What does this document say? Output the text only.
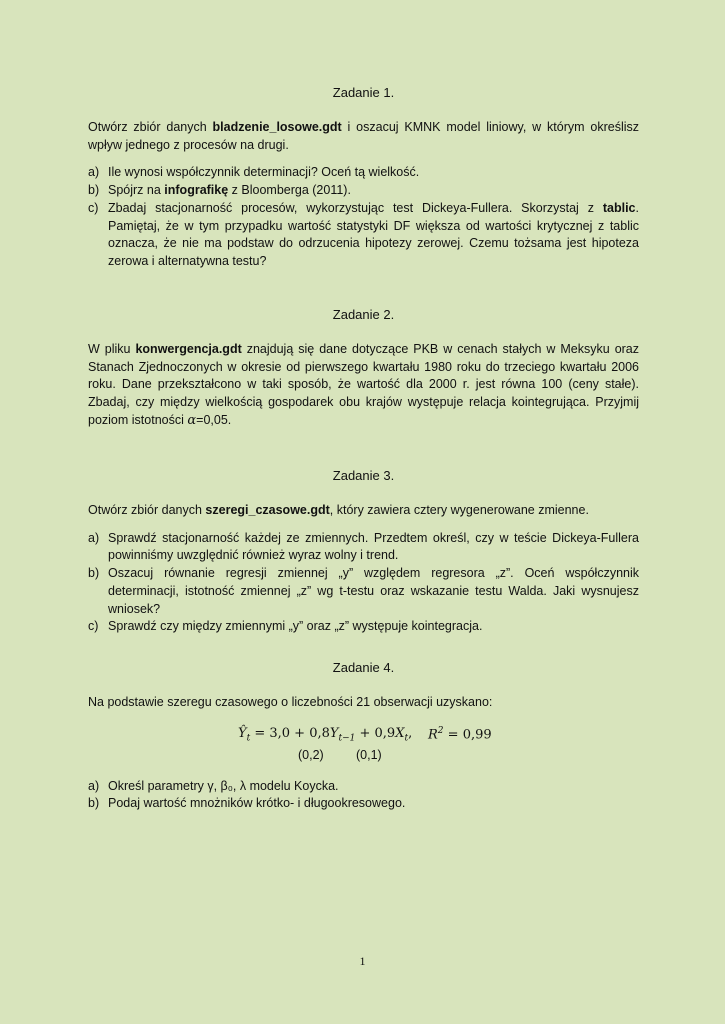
Zadanie 1.

Otwórz zbiór danych bladzenie_losowe.gdt i oszacuj KMNK model liniowy, w którym określisz wpływ jednego z procesów na drugi.

a) Ile wynosi współczynnik determinacji? Oceń tą wielkość.
b) Spójrz na infografikę z Bloomberga (2011).
c) Zbadaj stacjonarność procesów, wykorzystując test Dickeya-Fullera. Skorzystaj z tablic. Pamiętaj, że w tym przypadku wartość statystyki DF większa od wartości krytycznej z tablic oznacza, że nie ma podstaw do odrzucenia hipotezy zerowej. Czemu tożsama jest hipoteza zerowa i alternatywna testu?
Zadanie 2.

W pliku konwergencja.gdt znajdują się dane dotyczące PKB w cenach stałych w Meksyku oraz Stanach Zjednoczonych w okresie od pierwszego kwartału 1980 roku do trzeciego kwartału 2006 roku. Dane przekształcono w taki sposób, że wartość dla 2000 r. jest równa 100 (ceny stałe). Zbadaj, czy między wielkością gospodarek obu krajów występuje relacja kointegrująca. Przyjmij poziom istotności α=0,05.

Zadanie 3.

Otwórz zbiór danych szeregi_czasowe.gdt, który zawiera cztery wygenerowane zmienne.

a) Sprawdź stacjonarność każdej ze zmiennych. Przedtem określ, czy w teście Dickeya-Fullera powinniśmy uwzględnić również wyraz wolny i trend.
b) Oszacuj równanie regresji zmiennej „y” względem regresora „z”. Oceń współczynnik determinacji, istotność zmiennej „z” wg t-testu oraz wskazanie testu Walda. Jaki wysnujesz wniosek?
c) Sprawdź czy między zmiennymi „y” oraz „z” występuje kointegracja.
Zadanie 4.

Na podstawie szeregu czasowego o liczebności 21 obserwacji uzyskano:

$Ŷ_t = 3,0 + 0,8Y_{t-1} + 0,9X_t$, $R^2 = 0,99$
(0,2)	(0,1)
a) Określ parametry γ, β₀, λ modelu Koycka.
b) Podaj wartość mnożników krótko- i długookresowego.
1
